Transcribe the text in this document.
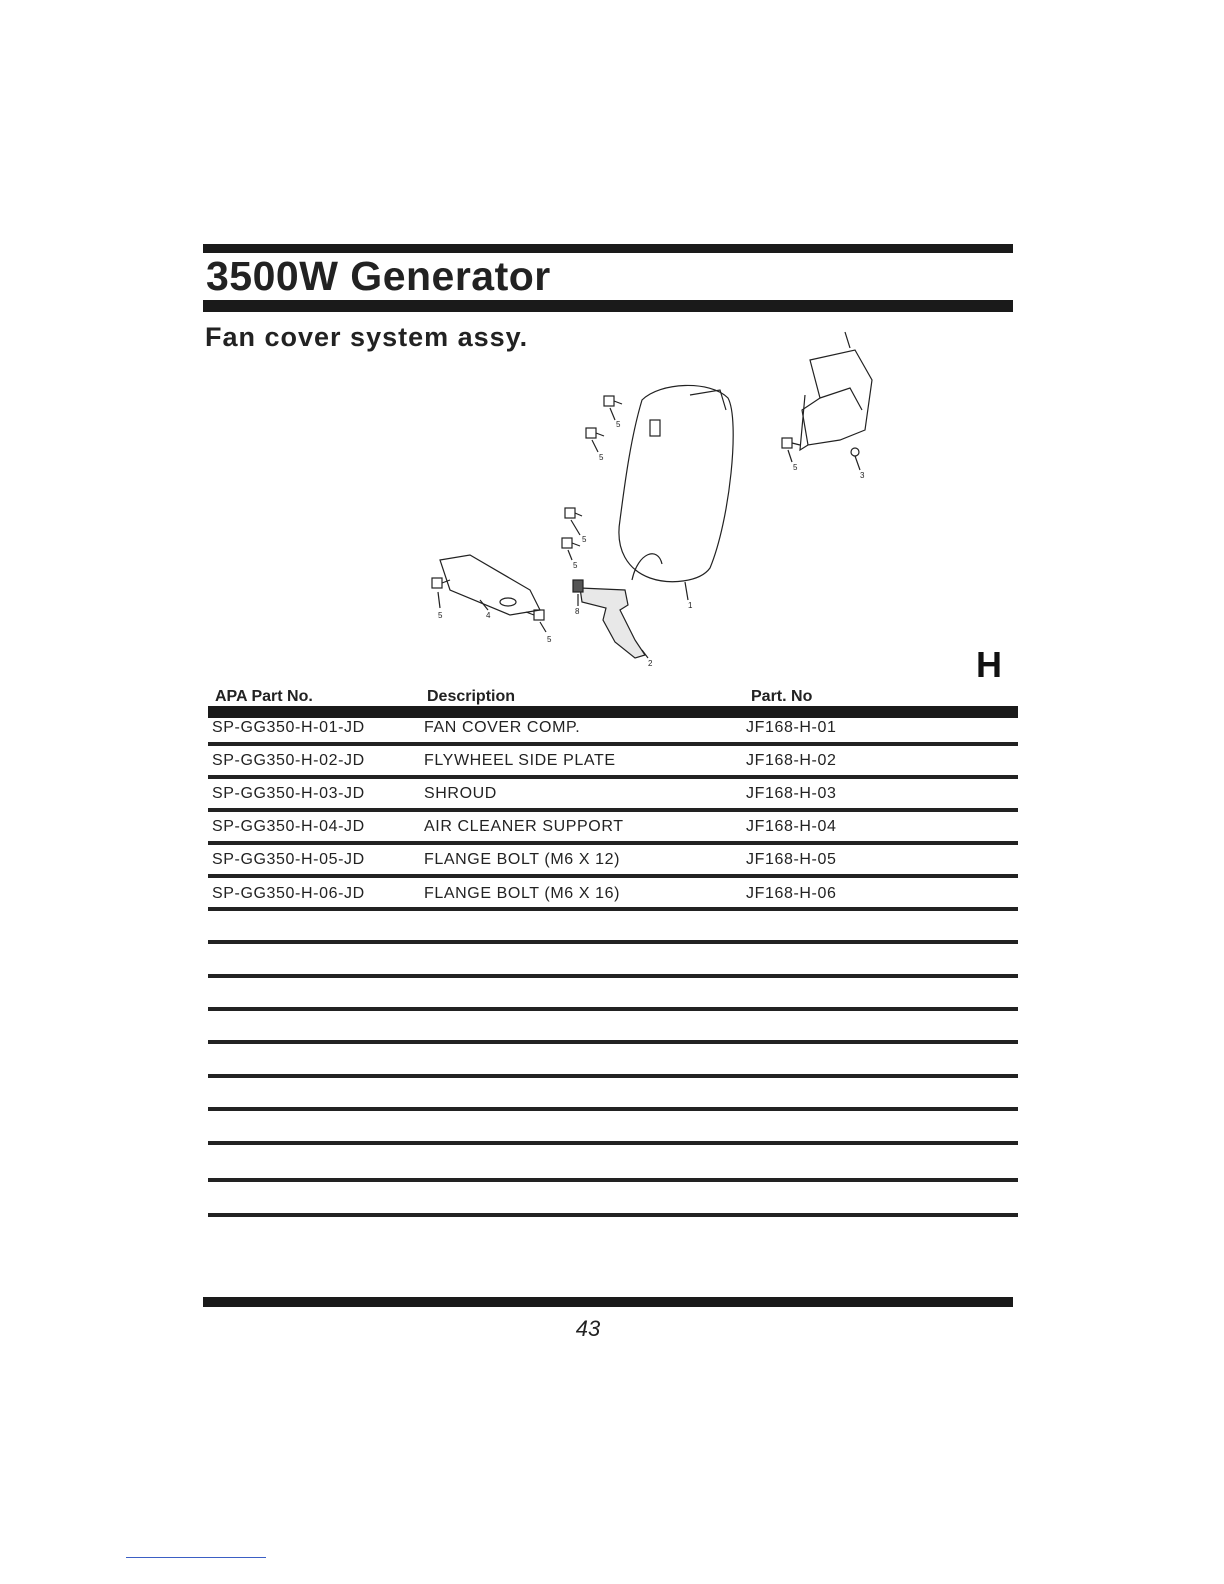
3500W Generator
Fan cover system assy.
5
5
5
5
5
5
5
3
1
8
2
4
H
APA Part No.	Description	Part. No
SP-GG350-H-01-JD	FAN COVER COMP.	JF168-H-01
SP-GG350-H-02-JD	FLYWHEEL SIDE PLATE	JF168-H-02
SP-GG350-H-03-JD	SHROUD	JF168-H-03
SP-GG350-H-04-JD	AIR CLEANER SUPPORT	JF168-H-04
SP-GG350-H-05-JD	FLANGE BOLT (M6 X 12)	JF168-H-05
SP-GG350-H-06-JD	FLANGE BOLT (M6 X 16)	JF168-H-06
43
